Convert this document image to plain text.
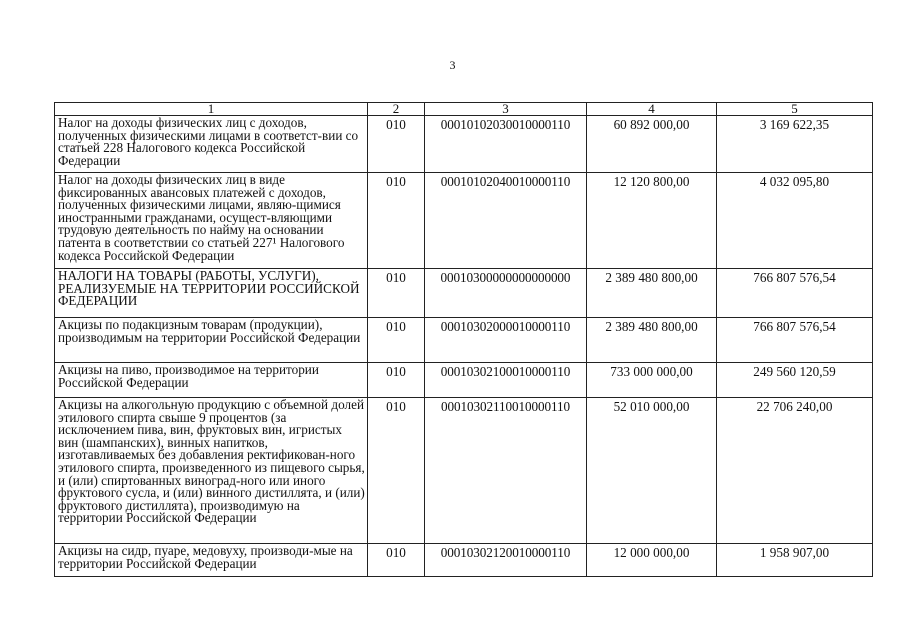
3
1	2	3	4	5
Налог на доходы физических лиц с доходов, полученных физическими лицами в соответст-вии со статьей 228 Налогового кодекса Российской Федерации	010	00010102030010000110	60 892 000,00	3 169 622,35
Налог на доходы физических лиц в виде фиксированных авансовых платежей с доходов, полученных физическими лицами, являю-щимися иностранными гражданами, осущест-вляющими трудовую деятельность по найму на основании патента в соответствии со статьей 227¹ Налогового кодекса Российской Федерации	010	00010102040010000110	12 120 800,00	4 032 095,80
НАЛОГИ НА ТОВАРЫ (РАБОТЫ, УСЛУГИ), РЕАЛИЗУЕМЫЕ НА ТЕРРИТОРИИ РОССИЙСКОЙ ФЕДЕРАЦИИ	010	00010300000000000000	2 389 480 800,00	766 807 576,54
Акцизы по подакцизным товарам (продукции), производимым на территории Российской Федерации	010	00010302000010000110	2 389 480 800,00	766 807 576,54
Акцизы на пиво, производимое на территории Российской Федерации	010	00010302100010000110	733 000 000,00	249 560 120,59
Акцизы на алкогольную продукцию с объемной долей этилового спирта свыше 9 процентов (за исключением пива, вин, фруктовых вин, игристых вин (шампанских), винных напитков, изготавливаемых без добавления ректификован-ного этилового спирта, произведенного из пищевого сырья, и (или) спиртованных виноград-ного или иного фруктового сусла, и (или) винного дистиллята, и (или) фруктового дистиллята), производимую на территории Российской Федерации	010	00010302110010000110	52 010 000,00	22 706 240,00
Акцизы на сидр, пуаре, медовуху, производи-мые на территории Российской Федерации	010	00010302120010000110	12 000 000,00	1 958 907,00
